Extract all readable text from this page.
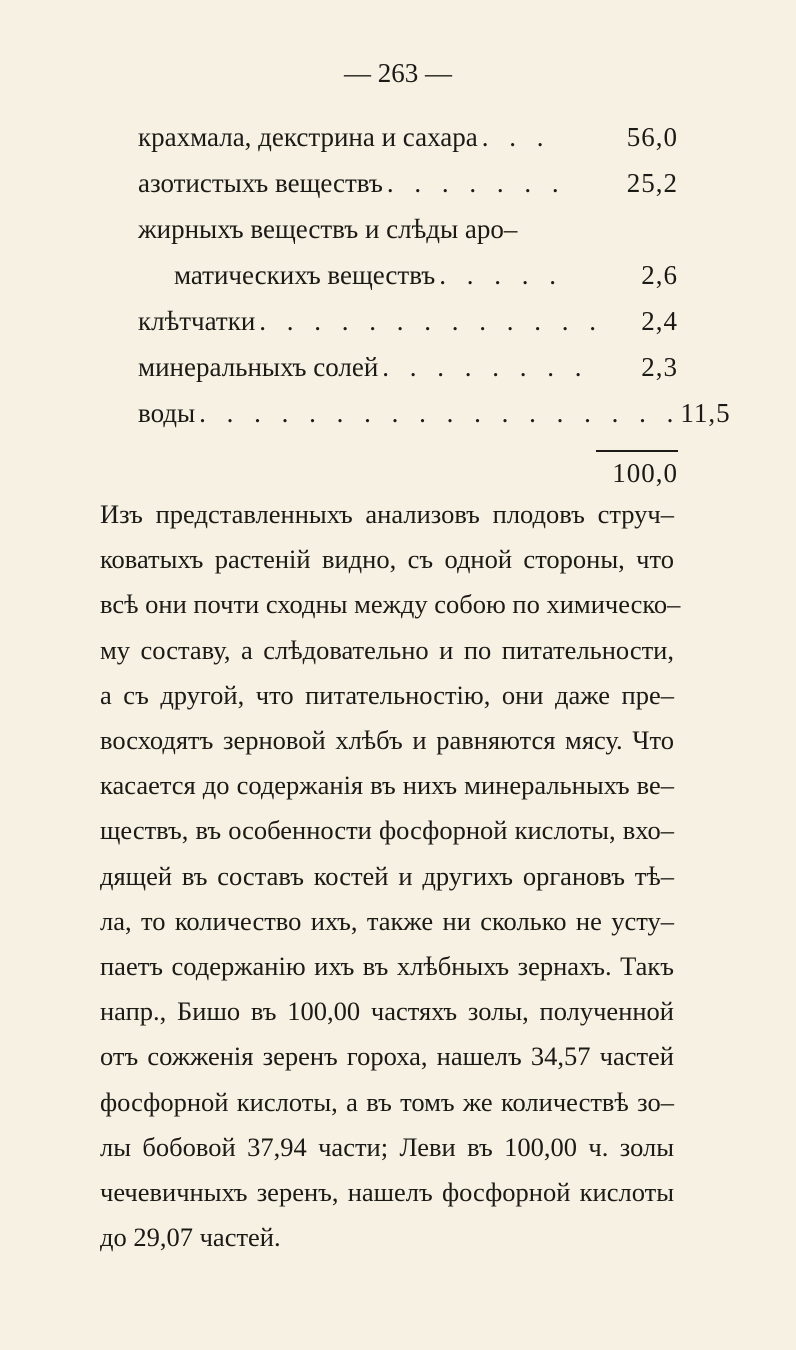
— 263 —
крахмала, декстрина и сахара . . .	56,0
азотистыхъ веществъ . . . . . . .	25,2
жирныхъ веществъ и слѣды аро–
матическихъ веществъ . . . . .	2,6
клѣтчатки . . . . . . . . . . . . .	2,4
минеральныхъ солей . . . . . . . .	2,3
воды . . . . . . . . . . . . . . . . . . 11,5
100,0
Изъ представленныхъ анализовъ плодовъ струч–
коватыхъ растеній видно, съ одной стороны, что
всѣ они почти сходны между собою по химическо–
му составу, а слѣдовательно и по питательности,
а съ другой, что питательностію, они даже пре–
восходятъ зерновой хлѣбъ и равняются мясу. Что
касается до содержанія въ нихъ минеральныхъ ве–
ществъ, въ особенности фосфорной кислоты, вхо–
дящей въ составъ костей и другихъ органовъ тѣ–
ла, то количество ихъ, также ни сколько не усту–
паетъ содержанію ихъ въ хлѣбныхъ зернахъ. Такъ
напр., Бишо въ 100,00 частяхъ золы, полученной
отъ сожженія зеренъ гороха, нашелъ 34,57 частей
фосфорной кислоты, а въ томъ же количествѣ зо–
лы бобовой 37,94 части; Леви въ 100,00 ч. золы
чечевичныхъ зеренъ, нашелъ фосфорной кислоты
до 29,07 частей.
